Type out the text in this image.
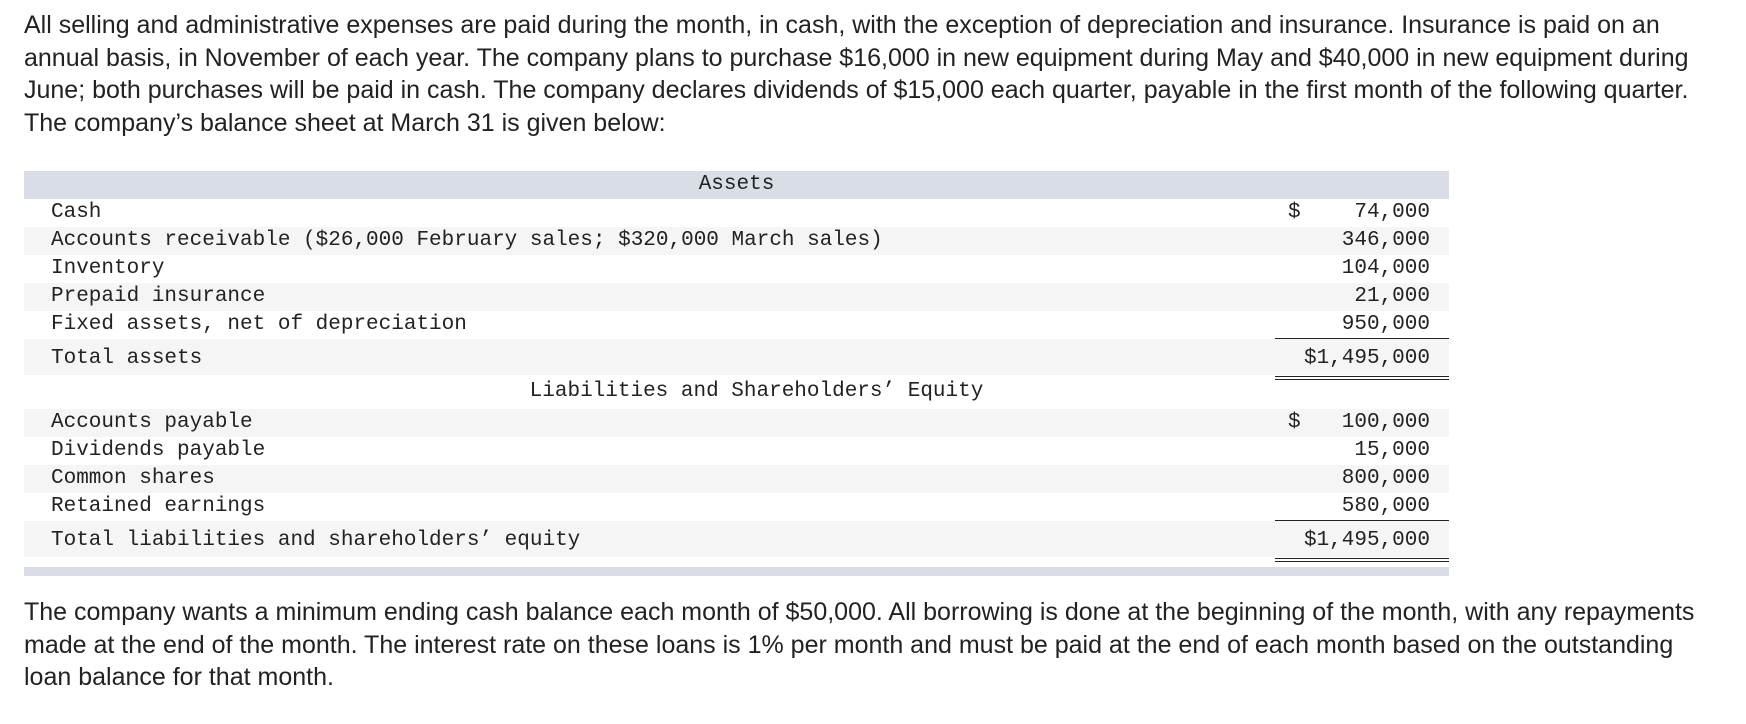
All selling and administrative expenses are paid during the month, in cash, with the exception of depreciation and insurance. Insurance is paid on an annual basis, in November of each year. The company plans to purchase $16,000 in new equipment during May and $40,000 in new equipment during June; both purchases will be paid in cash. The company declares dividends of $15,000 each quarter, payable in the first month of the following quarter. The company’s balance sheet at March 31 is given below:

Assets
Cash	$	74,000
Accounts receivable ($26,000 February sales; $320,000 March sales)	346,000
Inventory	104,000
Prepaid insurance	21,000
Fixed assets, net of depreciation	950,000
Total assets	$1,495,000
Liabilities and Shareholders’ Equity
Accounts payable	$ 100,000
Dividends payable	15,000
Common shares	800,000
Retained earnings	580,000
Total liabilities and shareholders’ equity	$1,495,000

The company wants a minimum ending cash balance each month of $50,000. All borrowing is done at the beginning of the month, with any repayments made at the end of the month. The interest rate on these loans is 1% per month and must be paid at the end of each month based on the outstanding loan balance for that month.
